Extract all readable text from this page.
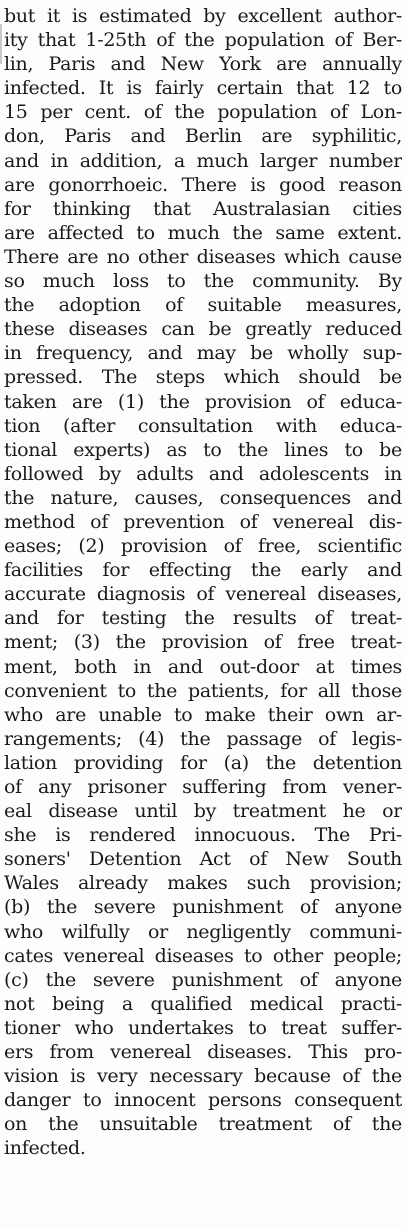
but it is estimated by excellent author-
ity that 1-25th of the population of Ber-
lin, Paris and New York are annually
infected. It is fairly certain that 12 to
15 per cent. of the population of Lon-
don, Paris and Berlin are syphilitic,
and in addition, a much larger number
are gonorrhoeic. There is good reason
for thinking that Australasian cities
are affected to much the same extent.
There are no other diseases which cause
so much loss to the community. By
the adoption of suitable measures,
these diseases can be greatly reduced
in frequency, and may be wholly sup-
pressed. The steps which should be
taken are (1) the provision of educa-
tion (after consultation with educa-
tional experts) as to the lines to be
followed by adults and adolescents in
the nature, causes, consequences and
method of prevention of venereal dis-
eases; (2) provision of free, scientific
facilities for effecting the early and
accurate diagnosis of venereal diseases,
and for testing the results of treat-
ment; (3) the provision of free treat-
ment, both in and out-door at times
convenient to the patients, for all those
who are unable to make their own ar-
rangements; (4) the passage of legis-
lation providing for (a) the detention
of any prisoner suffering from vener-
eal disease until by treatment he or
she is rendered innocuous. The Pri-
soners' Detention Act of New South
Wales already makes such provision;
(b) the severe punishment of anyone
who wilfully or negligently communi-
cates venereal diseases to other people;
(c) the severe punishment of anyone
not being a qualified medical practi-
tioner who undertakes to treat suffer-
ers from venereal diseases. This pro-
vision is very necessary because of the
danger to innocent persons consequent
on the unsuitable treatment of the
infected.
